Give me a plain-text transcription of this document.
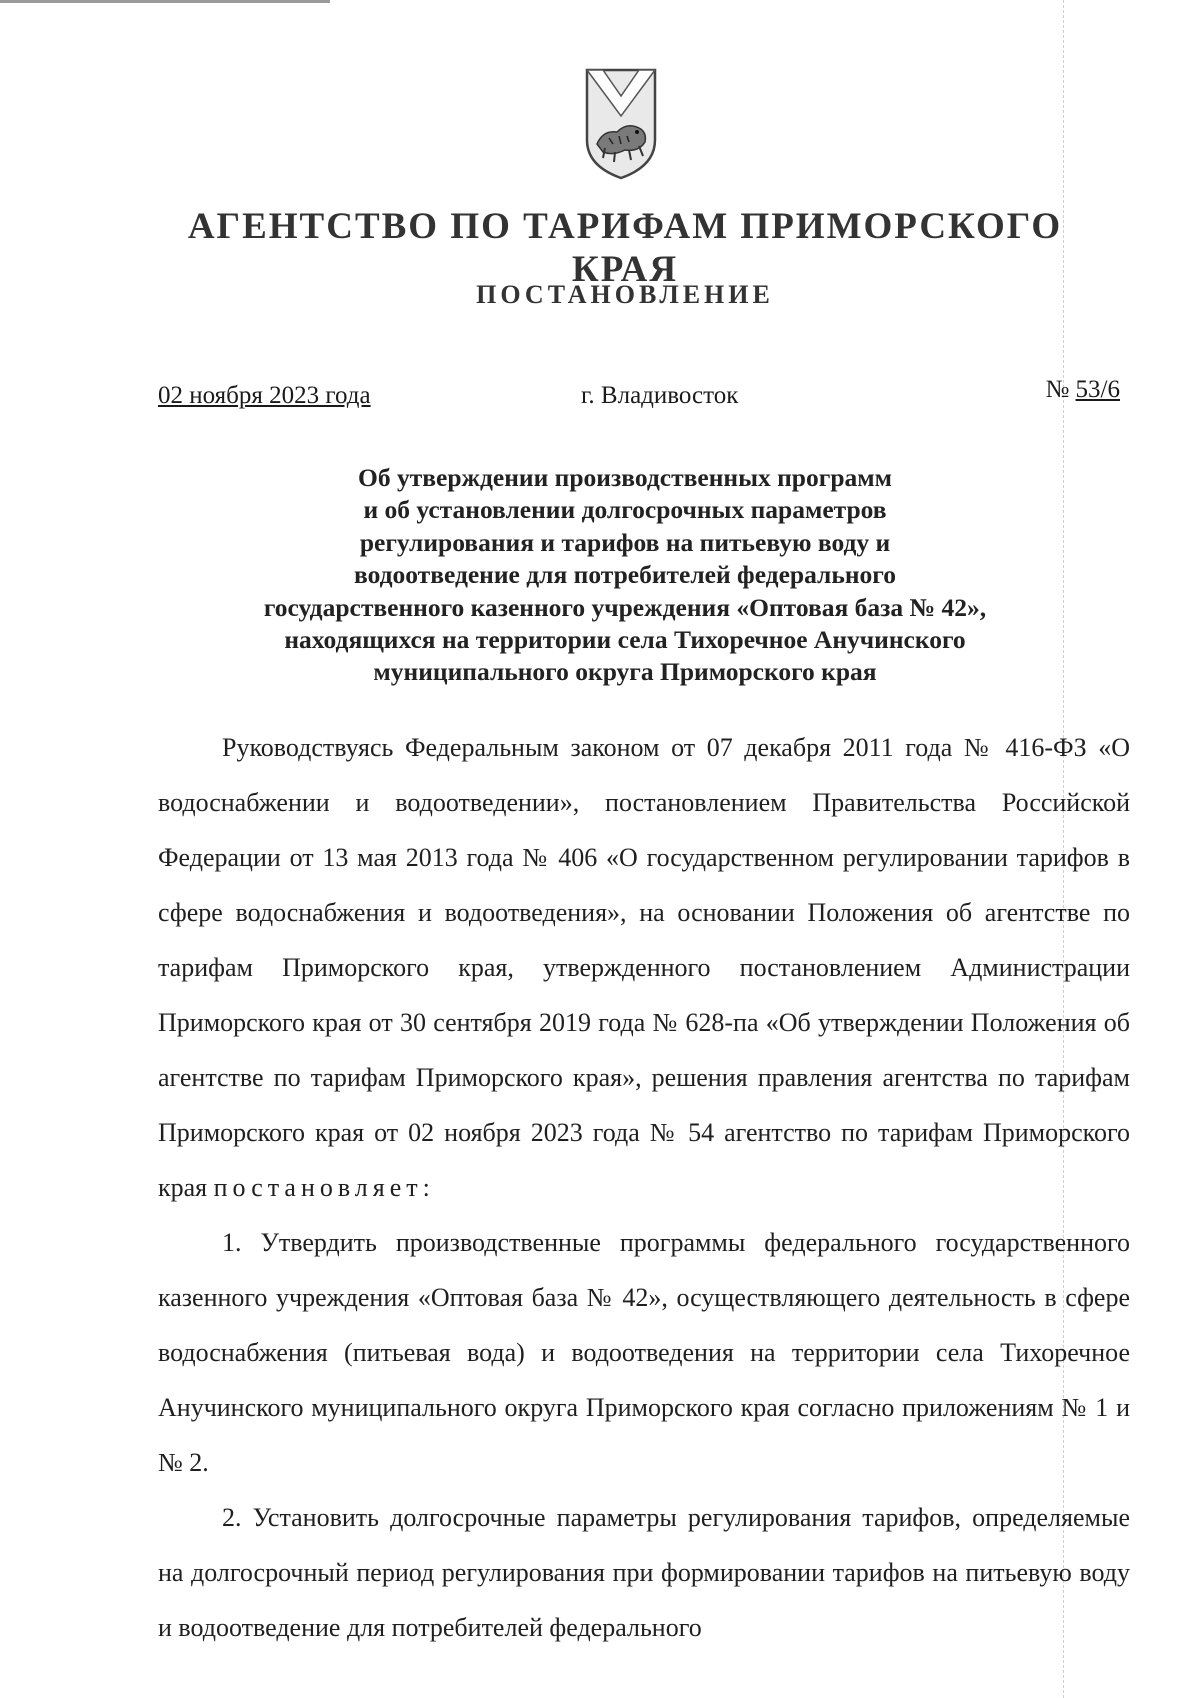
АГЕНТСТВО ПО ТАРИФАМ ПРИМОРСКОГО КРАЯ
ПОСТАНОВЛЕНИЕ
02 ноября 2023 года	г. Владивосток	№ 53/6
Об утверждении производственных программ
и об установлении долгосрочных параметров
регулирования и тарифов на питьевую воду и
водоотведение для потребителей федерального
государственного казенного учреждения «Оптовая база № 42»,
находящихся на территории села Тихоречное Анучинского
муниципального округа Приморского края

Руководствуясь Федеральным законом от 07 декабря 2011 года № 416-ФЗ «О водоснабжении и водоотведении», постановлением Правительства Российской Федерации от 13 мая 2013 года № 406 «О государственном регулировании тарифов в сфере водоснабжения и водоотведения», на основании Положения об агентстве по тарифам Приморского края, утвержденного постановлением Администрации Приморского края от 30 сентября 2019 года № 628-па «Об утверждении Положения об агентстве по тарифам Приморского края», решения правления агентства по тарифам Приморского края от 02 ноября 2023 года № 54 агентство по тарифам Приморского края постановляет:

1. Утвердить производственные программы федерального государственного казенного учреждения «Оптовая база № 42», осуществляющего деятельность в сфере водоснабжения (питьевая вода) и водоотведения на территории села Тихоречное Анучинского муниципального округа Приморского края согласно приложениям № 1 и № 2.

2. Установить долгосрочные параметры регулирования тарифов, определяемые на долгосрочный период регулирования при формировании тарифов на питьевую воду и водоотведение для потребителей федерального
